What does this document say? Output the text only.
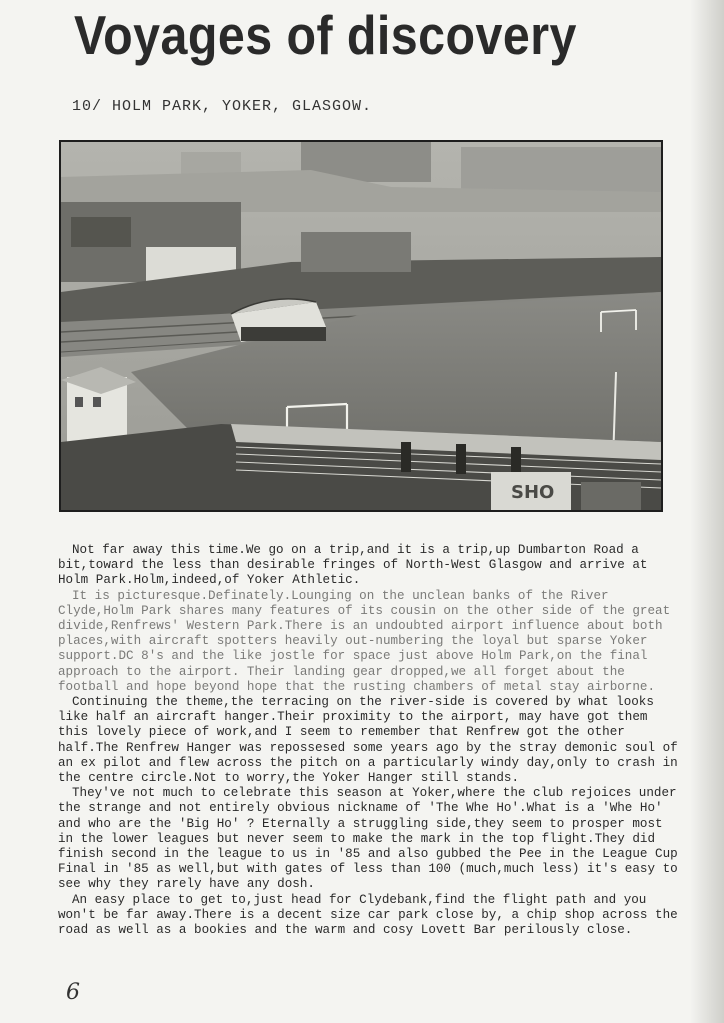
Voyages of discovery
10/ HOLM PARK, YOKER, GLASGOW.
SHO

Not far away this time.We go on a trip,and it is a trip,up Dumbarton Road a bit,toward the less than desirable fringes of North-West Glasgow and arrive at Holm Park.Holm,indeed,of Yoker Athletic.

It is picturesque.Definately.Lounging on the unclean banks of the River Clyde,Holm Park shares many features of its cousin on the other side of the great divide,Renfrews' Western Park.There is an undoubted airport influence about both places,with aircraft spotters heavily out-numbering the loyal but sparse Yoker support.DC 8's and the like jostle for space just above Holm Park,on the final approach to the airport. Their landing gear dropped,we all forget about the football and hope beyond hope that the rusting chambers of metal stay airborne.

Continuing the theme,the terracing on the river-side is covered by what looks like half an aircraft hanger.Their proximity to the airport, may have got them this lovely piece of work,and I seem to remember that Renfrew got the other half.The Renfrew Hanger was repossesed some years ago by the stray demonic soul of an ex pilot and flew across the pitch on a particularly windy day,only to crash in the centre circle.Not to worry,the Yoker Hanger still stands.

They've not much to celebrate this season at Yoker,where the club rejoices under the strange and not entirely obvious nickname of 'The Whe Ho'.What is a 'Whe Ho' and who are the 'Big Ho' ? Eternally a struggling side,they seem to prosper most in the lower leagues but never seem to make the mark in the top flight.They did finish second in the league to us in '85 and also gubbed the Pee in the League Cup Final in '85 as well,but with gates of less than 100 (much,much less) it's easy to see why they rarely have any dosh.

An easy place to get to,just head for Clydebank,find the flight path and you won't be far away.There is a decent size car park close by, a chip shop across the road as well as a bookies and the warm and cosy Lovett Bar perilously close.

6
